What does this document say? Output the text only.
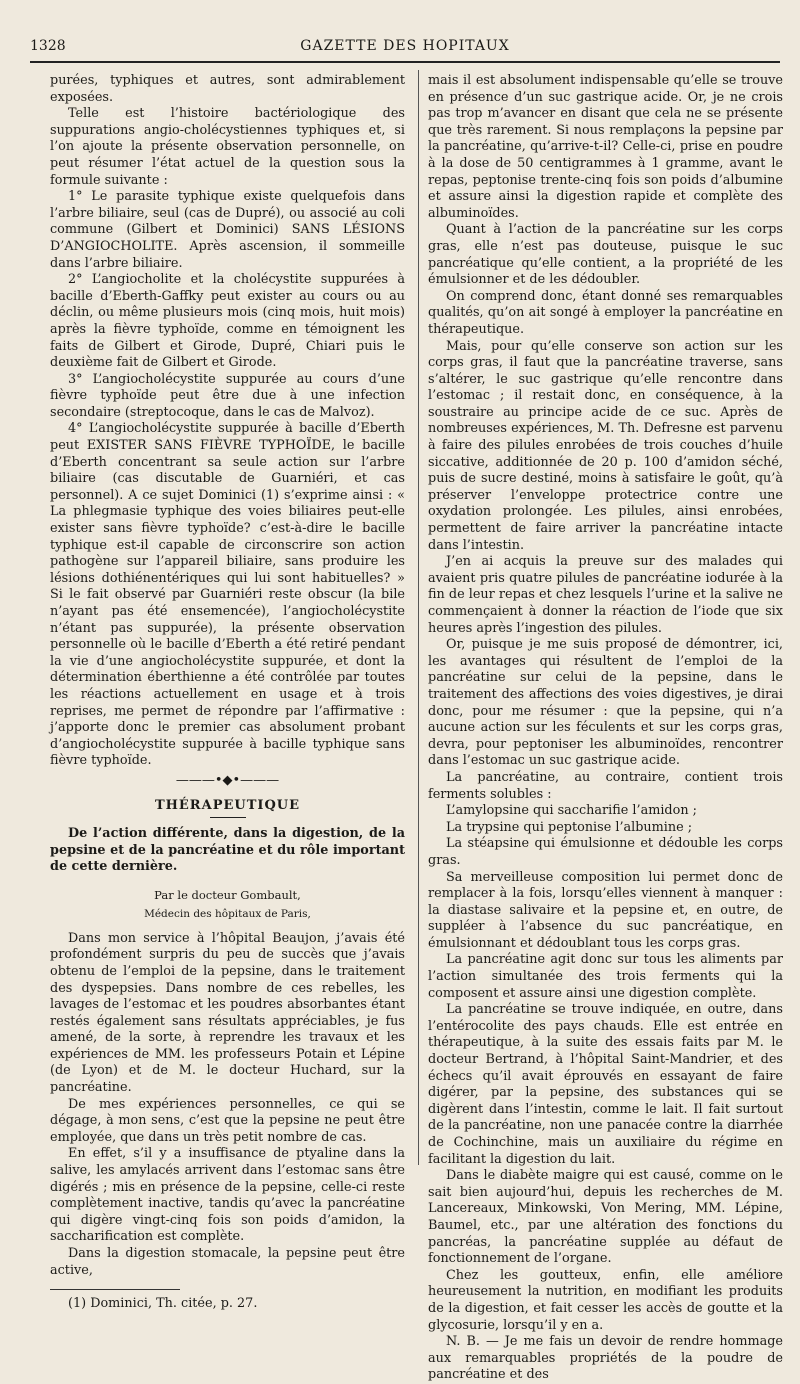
1328	GAZETTE DES HOPITAUX

purées, typhiques et autres, sont admirablement exposées.

Telle est l’histoire bactériologique des suppurations angio-cholécystiennes typhiques et, si l’on ajoute la présente observation personnelle, on peut résumer l’état actuel de la question sous la formule suivante :

1° Le parasite typhique existe quelquefois dans l’arbre biliaire, seul (cas de Dupré), ou associé au coli commune (Gilbert et Dominici) SANS LÉSIONS D’ANGIOCHOLITE. Après ascension, il sommeille dans l’arbre biliaire.

2° L’angiocholite et la cholécystite suppurées à bacille d’Eberth-Gaffky peut exister au cours ou au déclin, ou même plusieurs mois (cinq mois, huit mois) après la fièvre typhoïde, comme en témoignent les faits de Gilbert et Girode, Dupré, Chiari puis le deuxième fait de Gilbert et Girode.

3° L’angiocholécystite suppurée au cours d’une fièvre typhoïde peut être due à une infection secondaire (streptocoque, dans le cas de Malvoz).

4° L’angiocholécystite suppurée à bacille d’Eberth peut EXISTER SANS FIÈVRE TYPHOÏDE, le bacille d’Eberth concentrant sa seule action sur l’arbre biliaire (cas discutable de Guarniéri, et cas personnel). A ce sujet Dominici (1) s’exprime ainsi : « La phlegmasie typhique des voies biliaires peut-elle exister sans fièvre typhoïde? c’est-à-dire le bacille typhique est-il capable de circonscrire son action pathogène sur l’appareil biliaire, sans produire les lésions dothiénentériques qui lui sont habituelles? » Si le fait observé par Guarniéri reste obscur (la bile n’ayant pas été ensemencée), l’angiocholécystite n’étant pas suppurée), la présente observation personnelle où le bacille d’Eberth a été retiré pendant la vie d’une angiocholécystite suppurée, et dont la détermination éberthienne a été contrôlée par toutes les réactions actuellement en usage et à trois reprises, me permet de répondre par l’affirmative : j’apporte donc le premier cas absolument probant d’angiocholécystite suppurée à bacille typhique sans fièvre typhoïde.

———•◆•———
THÉRAPEUTIQUE

De l’action différente, dans la digestion, de la pepsine et de la pancréatine et du rôle important de cette dernière.

Par le docteur Gombault,
Médecin des hôpitaux de Paris,

Dans mon service à l’hôpital Beaujon, j’avais été profondément surpris du peu de succès que j’avais obtenu de l’emploi de la pepsine, dans le traitement des dyspepsies. Dans nombre de ces rebelles, les lavages de l’estomac et les poudres absorbantes étant restés également sans résultats appréciables, je fus amené, de la sorte, à reprendre les travaux et les expériences de MM. les professeurs Potain et Lépine (de Lyon) et de M. le docteur Huchard, sur la pancréatine.

De mes expériences personnelles, ce qui se dégage, à mon sens, c’est que la pepsine ne peut être employée, que dans un très petit nombre de cas.

En effet, s’il y a insuffisance de ptyaline dans la salive, les amylacés arrivent dans l’estomac sans être digérés ; mis en présence de la pepsine, celle-ci reste complètement inactive, tandis qu’avec la pancréatine qui digère vingt-cinq fois son poids d’amidon, la saccharification est complète.

Dans la digestion stomacale, la pepsine peut être active,

(1) Dominici, Th. citée, p. 27.

mais il est absolument indispensable qu’elle se trouve en présence d’un suc gastrique acide. Or, je ne crois pas trop m’avancer en disant que cela ne se présente que très rarement. Si nous remplaçons la pepsine par la pancréatine, qu’arrive-t-il? Celle-ci, prise en poudre à la dose de 50 centigrammes à 1 gramme, avant le repas, peptonise trente-cinq fois son poids d’albumine et assure ainsi la digestion rapide et complète des albuminoïdes.

Quant à l’action de la pancréatine sur les corps gras, elle n’est pas douteuse, puisque le suc pancréatique qu’elle contient, a la propriété de les émulsionner et de les dédoubler.

On comprend donc, étant donné ses remarquables qualités, qu’on ait songé à employer la pancréatine en thérapeutique.

Mais, pour qu’elle conserve son action sur les corps gras, il faut que la pancréatine traverse, sans s’altérer, le suc gastrique qu’elle rencontre dans l’estomac ; il restait donc, en conséquence, à la soustraire au principe acide de ce suc. Après de nombreuses expériences, M. Th. Defresne est parvenu à faire des pilules enrobées de trois couches d’huile siccative, additionnée de 20 p. 100 d’amidon séché, puis de sucre destiné, moins à satisfaire le goût, qu’à préserver l’enveloppe protectrice contre une oxydation prolongée. Les pilules, ainsi enrobées, permettent de faire arriver la pancréatine intacte dans l’intestin.

J’en ai acquis la preuve sur des malades qui avaient pris quatre pilules de pancréatine iodurée à la fin de leur repas et chez lesquels l’urine et la salive ne commençaient à donner la réaction de l’iode que six heures après l’ingestion des pilules.

Or, puisque je me suis proposé de démontrer, ici, les avantages qui résultent de l’emploi de la pancréatine sur celui de la pepsine, dans le traitement des affections des voies digestives, je dirai donc, pour me résumer : que la pepsine, qui n’a aucune action sur les féculents et sur les corps gras, devra, pour peptoniser les albuminoïdes, rencontrer dans l’estomac un suc gastrique acide.

La pancréatine, au contraire, contient trois ferments solubles :

L’amylopsine qui saccharifie l’amidon ;

La trypsine qui peptonise l’albumine ;

La stéapsine qui émulsionne et dédouble les corps gras.

Sa merveilleuse composition lui permet donc de remplacer à la fois, lorsqu’elles viennent à manquer : la diastase salivaire et la pepsine et, en outre, de suppléer à l’absence du suc pancréatique, en émulsionnant et dédoublant tous les corps gras.

La pancréatine agit donc sur tous les aliments par l’action simultanée des trois ferments qui la composent et assure ainsi une digestion complète.

La pancréatine se trouve indiquée, en outre, dans l’entérocolite des pays chauds. Elle est entrée en thérapeutique, à la suite des essais faits par M. le docteur Bertrand, à l’hôpital Saint-Mandrier, et des échecs qu’il avait éprouvés en essayant de faire digérer, par la pepsine, des substances qui se digèrent dans l’intestin, comme le lait. Il fait surtout de la pancréatine, non une panacée contre la diarrhée de Cochinchine, mais un auxiliaire du régime en facilitant la digestion du lait.

Dans le diabète maigre qui est causé, comme on le sait bien aujourd’hui, depuis les recherches de M. Lancereaux, Minkowski, Von Mering, MM. Lépine, Baumel, etc., par une altération des fonctions du pancréas, la pancréatine supplée au défaut de fonctionnement de l’organe.

Chez les goutteux, enfin, elle améliore heureusement la nutrition, en modifiant les produits de la digestion, et fait cesser les accès de goutte et la glycosurie, lorsqu’il y en a.

N. B. — Je me fais un devoir de rendre hommage aux remarquables propriétés de la poudre de pancréatine et des
